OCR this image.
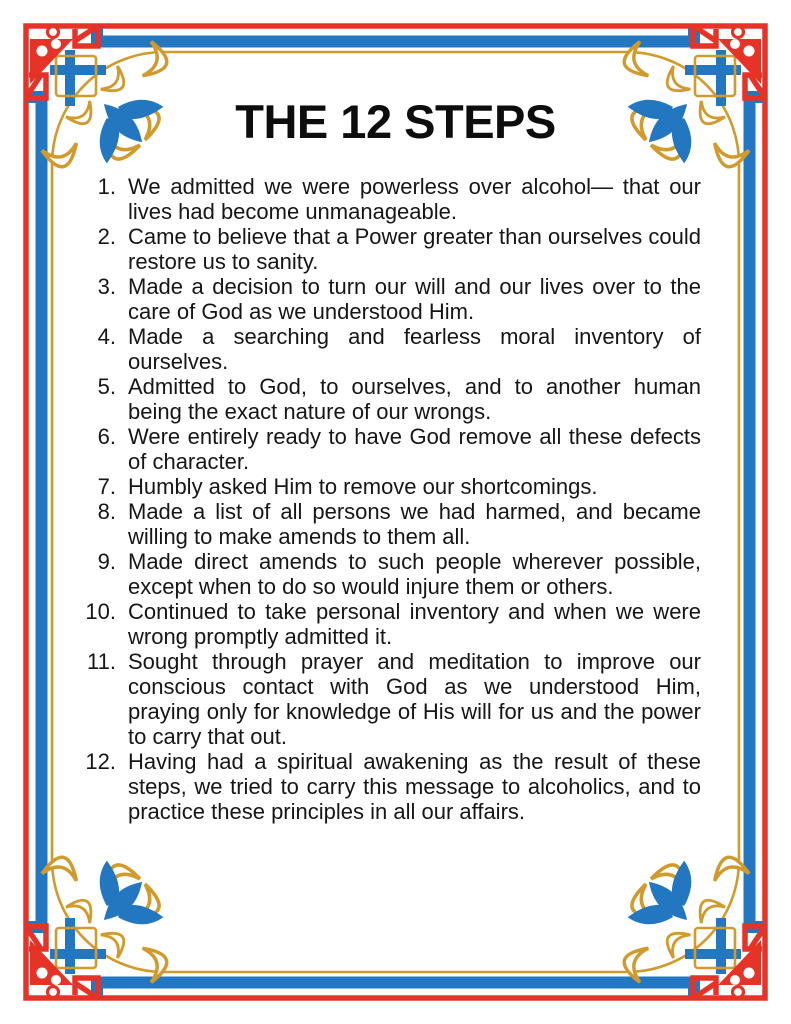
THE 12 STEPS
1. We admitted we were powerless over alcohol— that our lives had become unmanageable.
2. Came to believe that a Power greater than ourselves could restore us to sanity.
3. Made a decision to turn our will and our lives over to the care of God as we understood Him.
4. Made a searching and fearless moral inventory of ourselves.
5. Admitted to God, to ourselves, and to another human being the exact nature of our wrongs.
6. Were entirely ready to have God remove all these defects of character.
7. Humbly asked Him to remove our shortcomings.
8. Made a list of all persons we had harmed, and became willing to make amends to them all.
9. Made direct amends to such people wherever possible, except when to do so would injure them or others.
10. Continued to take personal inventory and when we were wrong promptly admitted it.
11. Sought through prayer and meditation to improve our conscious contact with God as we understood Him, praying only for knowledge of His will for us and the power to carry that out.
12. Having had a spiritual awakening as the result of these steps, we tried to carry this message to alcoholics, and to practice these principles in all our affairs.
